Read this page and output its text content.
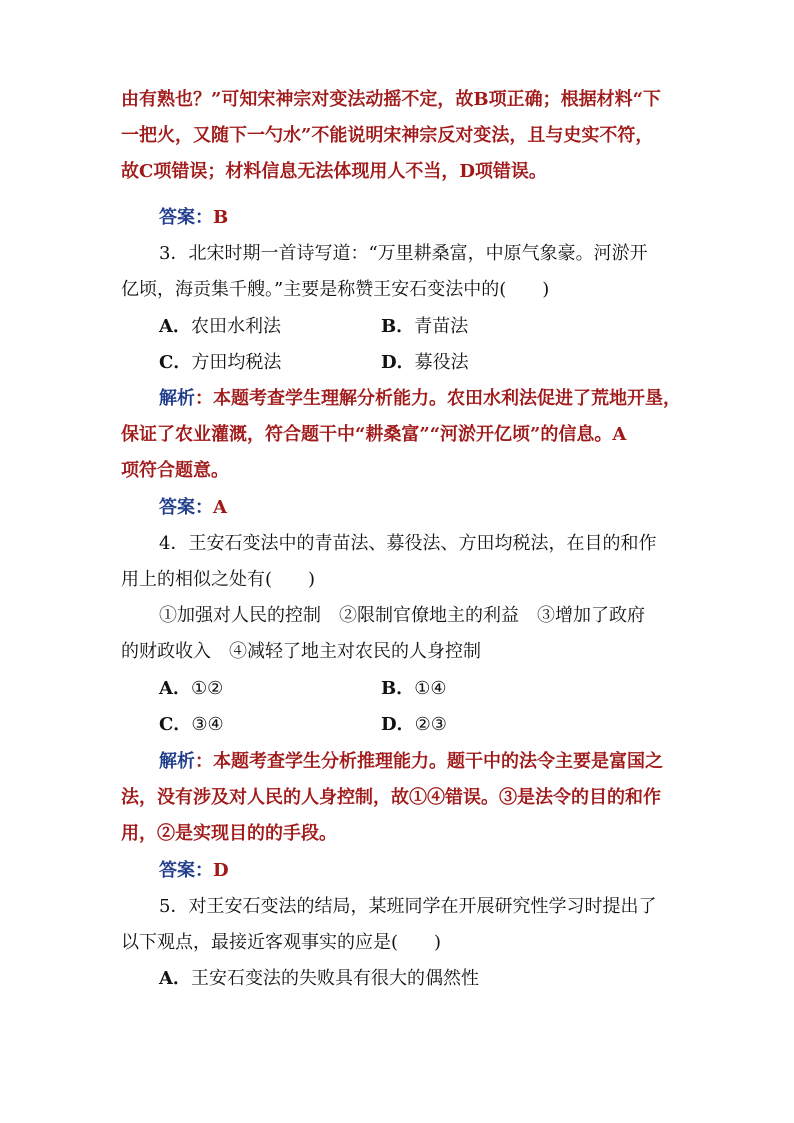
由有熟也？”可知宋神宗对变法动摇不定，故B项正确；根据材料“下
一把火，又随下一勺水”不能说明宋神宗反对变法，且与史实不符，
故C项错误；材料信息无法体现用人不当，D项错误。
答案：B
3．北宋时期一首诗写道：“万里耕桑富，中原气象豪。河淤开
亿顷，海贡集千艘。”主要是称赞王安石变法中的(　　)
A．农田水利法	B．青苗法
C．方田均税法	D．募役法
解析：本题考查学生理解分析能力。农田水利法促进了荒地开垦，
保证了农业灌溉，符合题干中“耕桑富”“河淤开亿顷”的信息。A
项符合题意。
答案：A
4．王安石变法中的青苗法、募役法、方田均税法，在目的和作
用上的相似之处有(　　)
①加强对人民的控制　②限制官僚地主的利益　③增加了政府
的财政收入　④减轻了地主对农民的人身控制
A．①②	B．①④
C．③④	D．②③
解析：本题考查学生分析推理能力。题干中的法令主要是富国之
法，没有涉及对人民的人身控制，故①④错误。③是法令的目的和作
用，②是实现目的的手段。
答案：D
5．对王安石变法的结局，某班同学在开展研究性学习时提出了
以下观点，最接近客观事实的应是(　　)
A．王安石变法的失败具有很大的偶然性
